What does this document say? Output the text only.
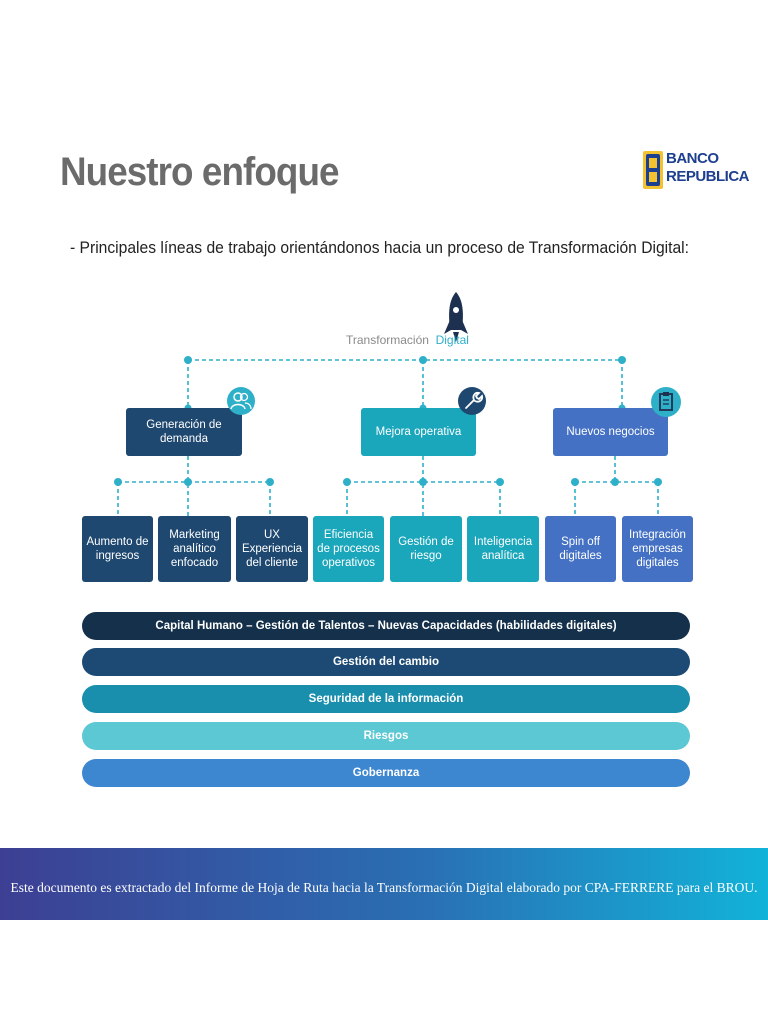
Nuestro enfoque	BANCO
REPUBLICA
- Principales líneas de trabajo orientándonos hacia un proceso de Transformación Digital:
Transformación Digital
Generación de demanda
Mejora operativa	Nuevos negocios
Aumento de ingresos
Marketing analítico enfocado
UX Experiencia del cliente
Eficiencia de procesos operativos
Gestión de riesgo
Inteligencia analítica
Spin off digitales
Integración empresas digitales
Capital Humano – Gestión de Talentos – Nuevas Capacidades (habilidades digitales)
Gestión del cambio
Seguridad de la información
Riesgos
Gobernanza
Este documento es extractado del Informe de Hoja de Ruta hacia la Transformación Digital elaborado por CPA-FERRERE para el BROU.
